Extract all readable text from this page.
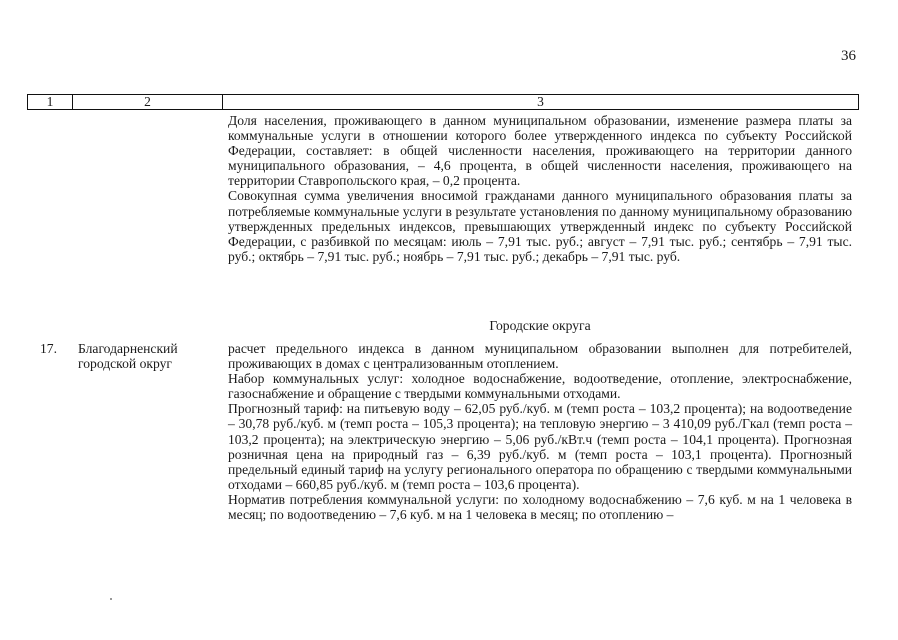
36
1	2	3

Доля населения, проживающего в данном муниципальном образовании, изменение размера платы за коммунальные услуги в отношении которого более утвержденного индекса по субъекту Российской Федерации, составляет: в общей численности населения, проживающего на территории данного муниципального образования, – 4,6 процента, в общей численности населения, проживающего на территории Ставропольского края, – 0,2 процента.

Совокупная сумма увеличения вносимой гражданами данного муниципального образования платы за потребляемые коммунальные услуги в результате установления по данному муниципальному образованию утвержденных предельных индексов, превышающих утвержденный индекс по субъекту Российской Федерации, с разбивкой по месяцам: июль – 7,91 тыс. руб.; август – 7,91 тыс. руб.; сентябрь – 7,91 тыс. руб.; октябрь – 7,91 тыс. руб.; ноябрь – 7,91 тыс. руб.; декабрь – 7,91 тыс. руб.

Городские округа
17. Благодарненский городской округ

расчет предельного индекса в данном муниципальном образовании выполнен для потребителей, проживающих в домах с централизованным отоплением.

Набор коммунальных услуг: холодное водоснабжение, водоотведение, отопление, электроснабжение, газоснабжение и обращение с твердыми коммунальными отходами.

Прогнозный тариф: на питьевую воду – 62,05 руб./куб. м (темп роста – 103,2 процента); на водоотведение – 30,78 руб./куб. м (темп роста – 105,3 процента); на тепловую энергию – 3 410,09 руб./Гкал (темп роста – 103,2 процента); на электрическую энергию – 5,06 руб./кВт.ч (темп роста – 104,1 процента). Прогнозная розничная цена на природный газ – 6,39 руб./куб. м (темп роста – 103,1 процента). Прогнозный предельный единый тариф на услугу регионального оператора по обращению с твердыми коммунальными отходами – 660,85 руб./куб. м (темп роста – 103,6 процента).

Норматив потребления коммунальной услуги: по холодному водоснабжению – 7,6 куб. м на 1 человека в месяц; по водоотведению – 7,6 куб. м на 1 человека в месяц; по отоплению –
